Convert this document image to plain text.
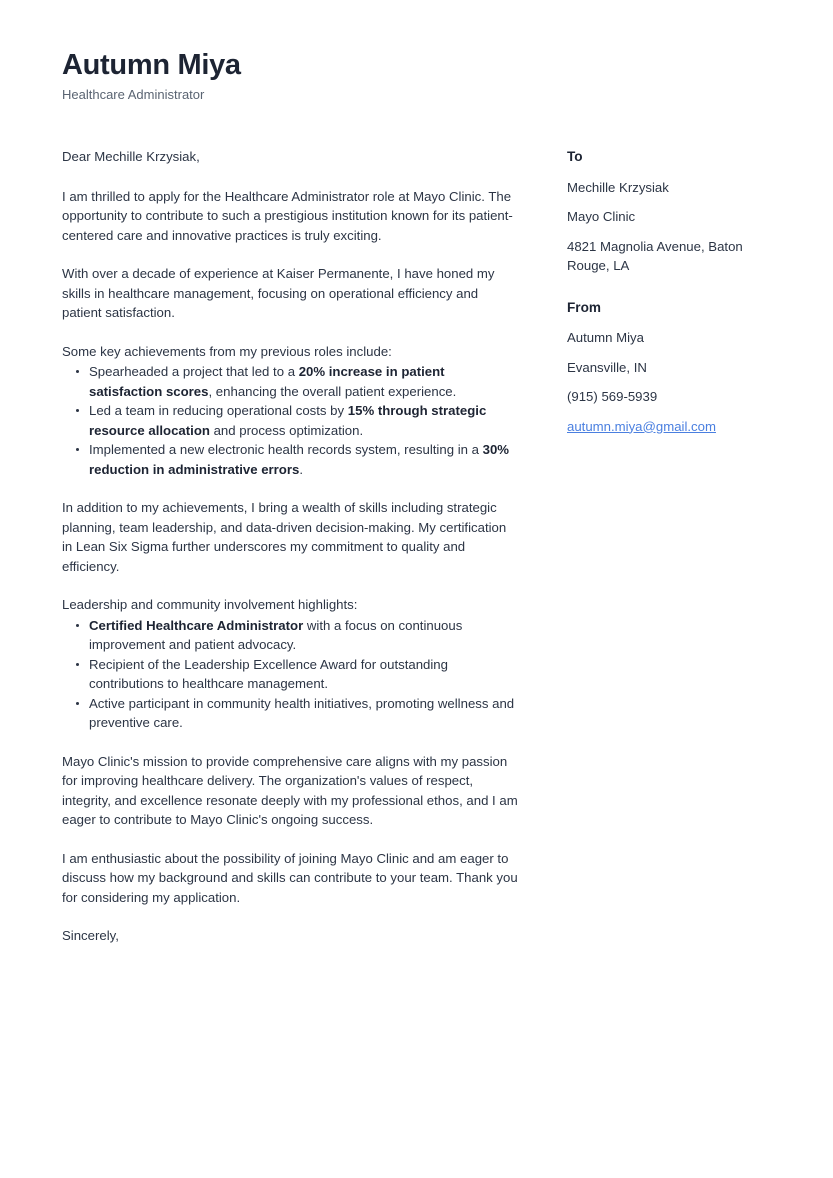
Autumn Miya
Healthcare Administrator

Dear Mechille Krzysiak,

I am thrilled to apply for the Healthcare Administrator role at Mayo Clinic. The opportunity to contribute to such a prestigious institution known for its patient-centered care and innovative practices is truly exciting.

With over a decade of experience at Kaiser Permanente, I have honed my skills in healthcare management, focusing on operational efficiency and patient satisfaction.

Some key achievements from my previous roles include:

Spearheaded a project that led to a 20% increase in patient satisfaction scores, enhancing the overall patient experience.
Led a team in reducing operational costs by 15% through strategic resource allocation and process optimization.
Implemented a new electronic health records system, resulting in a 30% reduction in administrative errors.

In addition to my achievements, I bring a wealth of skills including strategic planning, team leadership, and data-driven decision-making. My certification in Lean Six Sigma further underscores my commitment to quality and efficiency.

Leadership and community involvement highlights:

Certified Healthcare Administrator with a focus on continuous improvement and patient advocacy.
Recipient of the Leadership Excellence Award for outstanding contributions to healthcare management.
Active participant in community health initiatives, promoting wellness and preventive care.

Mayo Clinic's mission to provide comprehensive care aligns with my passion for improving healthcare delivery. The organization's values of respect, integrity, and excellence resonate deeply with my professional ethos, and I am eager to contribute to Mayo Clinic's ongoing success.

I am enthusiastic about the possibility of joining Mayo Clinic and am eager to discuss how my background and skills can contribute to your team. Thank you for considering my application.

Sincerely,

To
Mechille Krzysiak
Mayo Clinic
4821 Magnolia Avenue, Baton Rouge, LA
From
Autumn Miya
Evansville, IN
(915) 569-5939
autumn.miya@gmail.com
